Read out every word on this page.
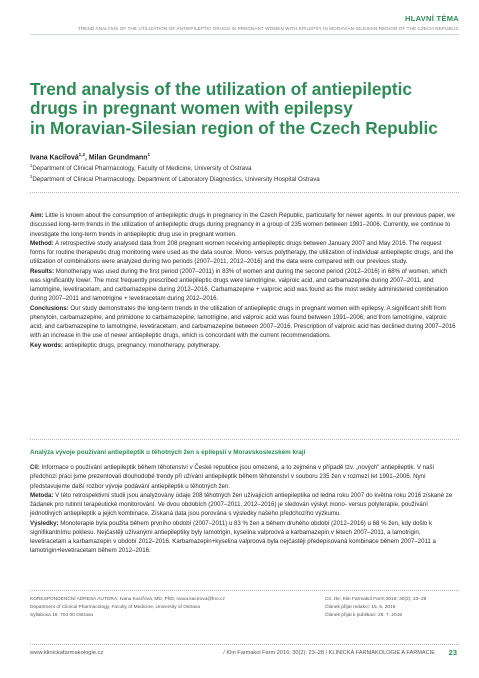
HLAVNÍ TÉMA
TREND ANALYSIS OF THE UTILIZATION OF ANTIEPILEPTIC DRUGS IN PREGNANT WOMEN WITH EPILEPSY IN MORAVIAN-SILESIAN REGION OF THE CZECH REPUBLIC
Trend analysis of the utilization of antiepileptic
drugs in pregnant women with epilepsy
in Moravian-Silesian region of the Czech Republic
Ivana Kacířová$^{1,2}$, Milan Grundmann$^1$
$^1$Department of Clinical Pharmacology, Faculty of Medicine, University of Ostrava
$^2$Department of Clinical Pharmacology, Department of Laboratory Diagnostics, University Hospital Ostrava

Aim: Little is known about the consumption of antiepileptic drugs in pregnancy in the Czech Republic, particularly for newer agents. In our previous paper, we discussed long-term trends in the utilization of antiepileptic drugs during pregnancy in a group of 235 women between 1991–2006. Currently, we continue to investigate the long-term trends in antiepileptic drug use in pregnant women.

Method: A retrospective study analysed data from 208 pregnant women receiving antiepileptic drugs between January 2007 and May 2016. The request forms for routine therapeutic drug monitoring were used as the data source. Mono- versus polytherapy, the utilization of individual antiepileptic drugs, and the utilization of combinations were analyzed during two periods (2007–2011, 2012–2016) and the data were compared with our previous study.

Results: Monotherapy was used during the first period (2007–2011) in 83% of women and during the second period (2012–2016) in 68% of women, which was significantly lower. The most frequently prescribed antiepileptic drugs were lamotrigine, valproic acid, and carbamazepine during 2007–2011, and lamotrigine, levetiracetam, and carbamazepine during 2012–2016. Carbamazepine + valproic acid was found as the most widely administered combination during 2007–2011 and lamotrigine + levetiracetam during 2012–2016.

Conclusions: Our study demonstrates the long-term trends in the utilization of antiepileptic drugs in pregnant women with epilepsy. A significant shift from phenytoin, carbamazepine, and primidone to carbamazepine, lamotrigine, and valproic acid was found between 1991–2006, and from lamotrigine, valproic acid, and carbamazepine to lamotrigine, levetiracetam, and carbamazepine between 2007–2016. Prescription of valproic acid has declined during 2007–2016 with an increase in the use of newer antiepileptic drugs, which is concordant with the current recommendations.

Key words: antiepileptic drugs, pregnancy, monotherapy, polytherapy.

Analýza vývoje používání antiepileptik u těhotných žen s epilepsií v Moravskoslezském kraji

Cíl: Informace o používání antiepileptik během těhotenství v České republice jsou omezené, a to zejména v případě tzv. „nových" antiepileptik. V naší předchozí práci jsme prezentovali dlouhodobé trendy při užívání antiepileptik během těhotenství v souboru 235 žen v rozmezí let 1991–2006. Nyní představujeme další rozbor vývoje podávání antiepileptik u těhotných žen.

Metoda: V této retrospektivní studii jsou analyzovány údaje 208 těhotných žen užívajících antiepileptika od ledna roku 2007 do května roku 2016 získané ze žádanek pro rutinní terapeutické monitorování. Ve dvou obdobích (2007–2011, 2012–2016) je sledován výskyt mono- versus polyterapie, používání jednotlivých antiepileptik a jejich kombinace. Získaná data jsou porována s výsledky našeho předchozího výzkumu.

Výsledky: Monoterapie byla použita během prvního období (2007–2011) u 83 % žen a během druhého období (2012–2016) u 68 % žen, kdy došlo k signifikantnímu poklesu. Nejčastěji užívanými antiepileptiky byly lamotrigin, kyselina valproová a karbamazepin v letech 2007–2011, a lamotrigin, levetiracetam a karbamazepin v období 2012–2016. Karbamazepin+kyselina valproová byla nejčastěji předepisovaná kombinace během 2007–2011 a lamotrigin+levetiracetam během 2012–2016.

KORESPONDENČNÍ ADRESA AUTORA: Ivana Kacířová, MD, PhD, ivana.kacirova@fno.cz
Department of Clinical Pharmacology, Faculty of Medicine, University of Ostrava
Syllabova 19, 703 00 Ostrava
Cit. zkr: Klin Farmakol Farm 2016; 30(2): 23–28
Článek přijat redakcí: 15. 6. 2016
Článek přijat k publikaci: 26. 7. 2016
www.klinickafarmakologie.cz	/ Klin Farmakol Farm 2016; 30(2): 23–28 / KLINICKÁ FARMAKOLOGIE A FARMACIE 23
